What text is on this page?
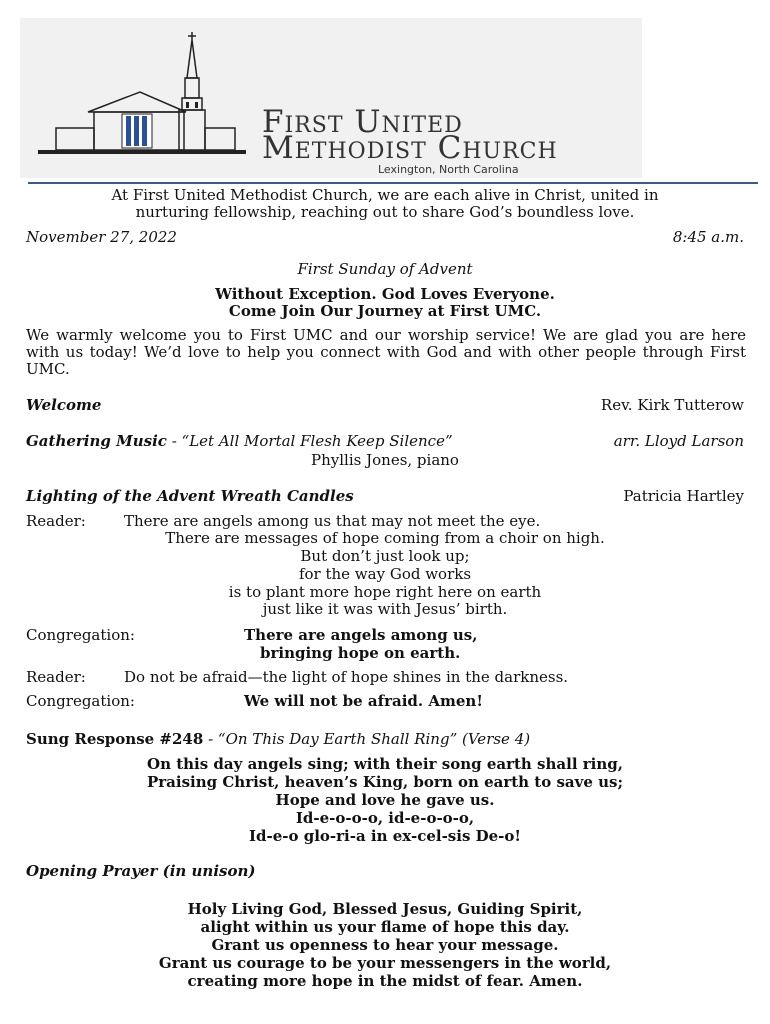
First United
Methodist Church
Lexington, North Carolina
At First United Methodist Church, we are each alive in Christ, united in
nurturing fellowship, reaching out to share God’s boundless love.
November 27, 2022	8:45 a.m.
First Sunday of Advent
Without Exception. God Loves Everyone.
Come Join Our Journey at First UMC.
We warmly welcome you to First UMC and our worship service! We are glad you are here with us today! We’d love to help you connect with God and with other people through First UMC.
Welcome	Rev. Kirk Tutterow
Gathering Music - “Let All Mortal Flesh Keep Silence”	arr. Lloyd Larson
Phyllis Jones, piano
Lighting of the Advent Wreath Candles	Patricia Hartley
Reader:	There are angels among us that may not meet the eye.
There are messages of hope coming from a choir on high.
But don’t just look up;
for the way God works
is to plant more hope right here on earth
just like it was with Jesus’ birth.
Congregation:	There are angels among us,
bringing hope on earth.
Reader:	Do not be afraid—the light of hope shines in the darkness.
Congregation:	We will not be afraid. Amen!
Sung Response #248 - “On This Day Earth Shall Ring” (Verse 4)
On this day angels sing; with their song earth shall ring,
Praising Christ, heaven’s King, born on earth to save us;
Hope and love he gave us.
Id-e-o-o-o, id-e-o-o-o,
Id-e-o glo-ri-a in ex-cel-sis De-o!
Opening Prayer (in unison)
Holy Living God, Blessed Jesus, Guiding Spirit,
alight within us your flame of hope this day.
Grant us openness to hear your message.
Grant us courage to be your messengers in the world,
creating more hope in the midst of fear. Amen.
